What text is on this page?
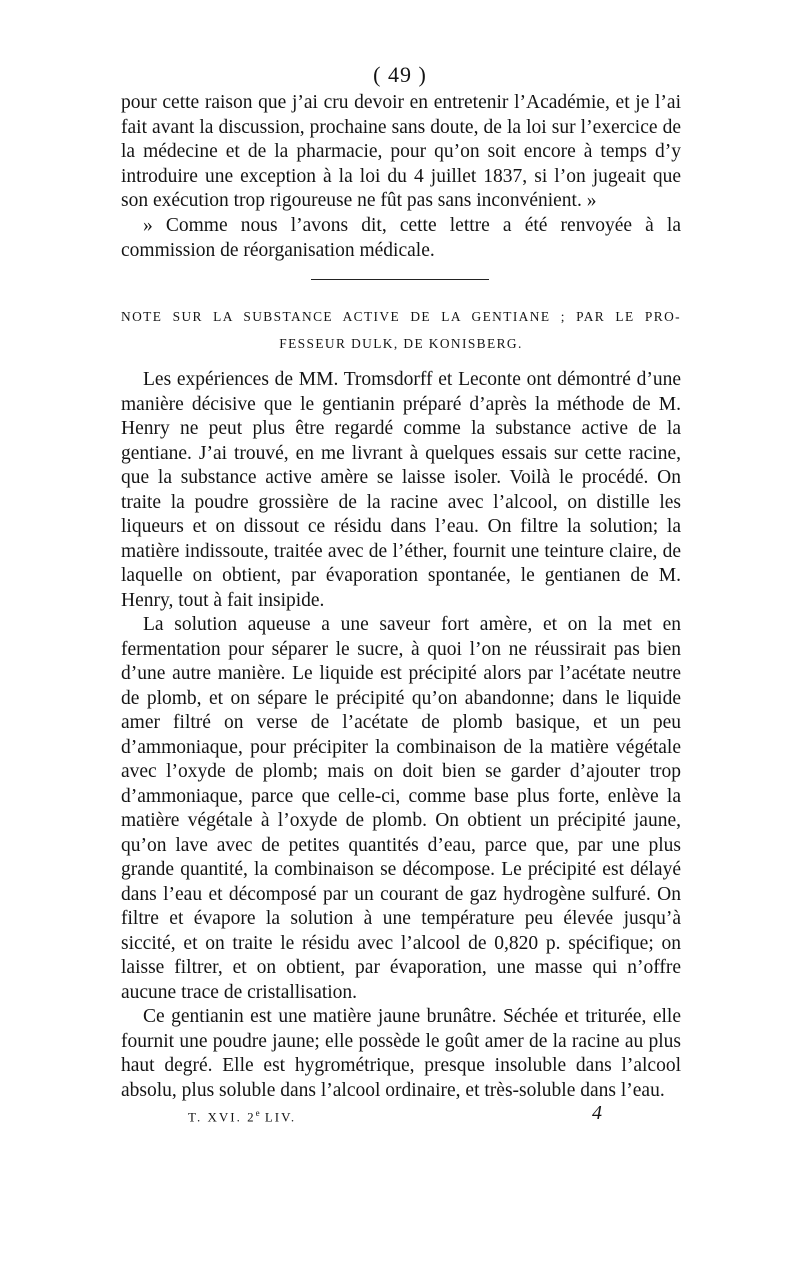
( 49 )

pour cette raison que j’ai cru devoir en entretenir l’Académie, et je l’ai fait avant la discussion, prochaine sans doute, de la loi sur l’exercice de la médecine et de la pharmacie, pour qu’on soit encore à temps d’y introduire une exception à la loi du 4 juillet 1837, si l’on jugeait que son exécution trop rigoureuse ne fût pas sans inconvénient. »

» Comme nous l’avons dit, cette lettre a été renvoyée à la commission de réorganisation médicale.

NOTE SUR LA SUBSTANCE ACTIVE DE LA GENTIANE ; PAR LE PRO-
FESSEUR DULK, DE KONISBERG.

Les expériences de MM. Tromsdorff et Leconte ont démontré d’une manière décisive que le gentianin préparé d’après la méthode de M. Henry ne peut plus être regardé comme la substance active de la gentiane. J’ai trouvé, en me livrant à quelques essais sur cette racine, que la substance active amère se laisse isoler. Voilà le procédé. On traite la poudre grossière de la racine avec l’alcool, on distille les liqueurs et on dissout ce résidu dans l’eau. On filtre la solution; la matière indissoute, traitée avec de l’éther, fournit une teinture claire, de laquelle on obtient, par évaporation spontanée, le gentianen de M. Henry, tout à fait insipide.

La solution aqueuse a une saveur fort amère, et on la met en fermentation pour séparer le sucre, à quoi l’on ne réussirait pas bien d’une autre manière. Le liquide est précipité alors par l’acétate neutre de plomb, et on sépare le précipité qu’on abandonne; dans le liquide amer filtré on verse de l’acétate de plomb basique, et un peu d’ammoniaque, pour précipiter la combinaison de la matière végétale avec l’oxyde de plomb; mais on doit bien se garder d’ajouter trop d’ammoniaque, parce que celle-ci, comme base plus forte, enlève la matière végétale à l’oxyde de plomb. On obtient un précipité jaune, qu’on lave avec de petites quantités d’eau, parce que, par une plus grande quantité, la combinaison se décompose. Le précipité est délayé dans l’eau et décomposé par un courant de gaz hydrogène sulfuré. On filtre et évapore la solution à une température peu élevée jusqu’à siccité, et on traite le résidu avec l’alcool de 0,820 p. spécifique; on laisse filtrer, et on obtient, par évaporation, une masse qui n’offre aucune trace de cristallisation.

Ce gentianin est une matière jaune brunâtre. Séchée et triturée, elle fournit une poudre jaune; elle possède le goût amer de la racine au plus haut degré. Elle est hygrométrique, presque insoluble dans l’alcool absolu, plus soluble dans l’alcool ordinaire, et très-soluble dans l’eau.

T. XVI. 2e LIV.	4
